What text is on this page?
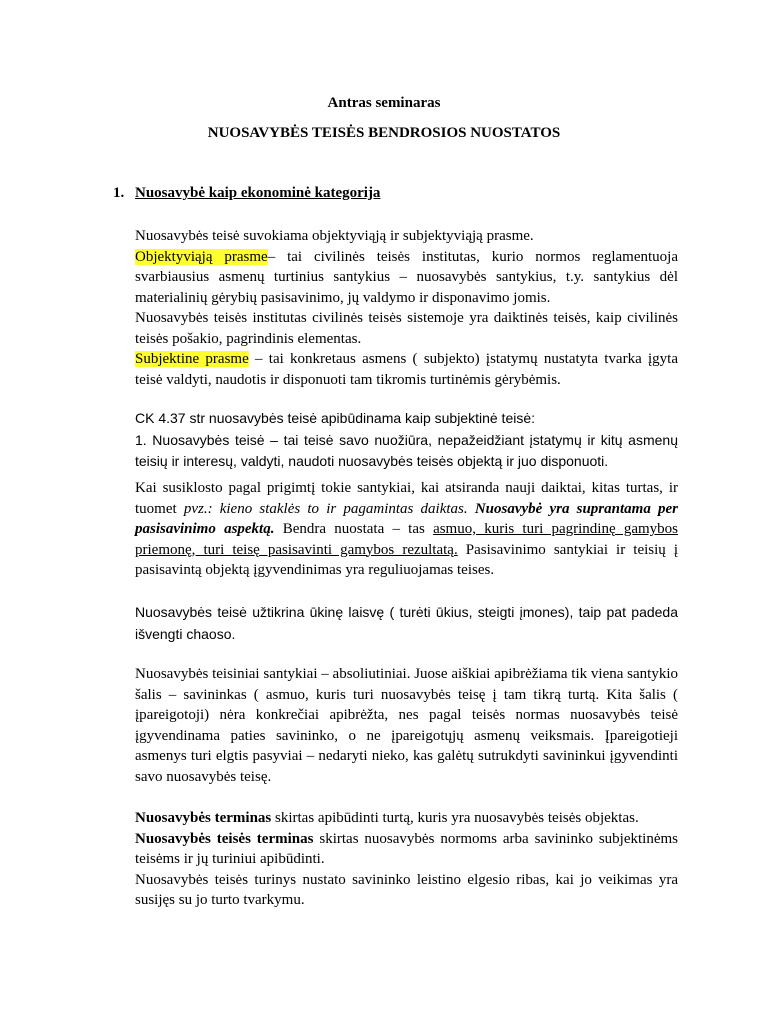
Antras seminaras
NUOSAVYBĖS TEISĖS BENDROSIOS NUOSTATOS
1. Nuosavybė kaip ekonominė kategorija

Nuosavybės teisė suvokiama objektyviąją ir subjektyviąją prasme.

Objektyviąją prasme– tai civilinės teisės institutas, kurio normos reglamentuoja svarbiausius asmenų turtinius santykius – nuosavybės santykius, t.y. santykius dėl materialinių gėrybių pasisavinimo, jų valdymo ir disponavimo jomis.

Nuosavybės teisės institutas civilinės teisės sistemoje yra daiktinės teisės, kaip civilinės teisės pošakio, pagrindinis elementas.

Subjektine prasme – tai konkretaus asmens ( subjekto) įstatymų nustatyta tvarka įgyta teisė valdyti, naudotis ir disponuoti tam tikromis turtinėmis gėrybėmis.

CK 4.37 str nuosavybės teisė apibūdinama kaip subjektinė teisė:

1. Nuosavybės teisė – tai teisė savo nuožiūra, nepažeidžiant įstatymų ir kitų asmenų teisių ir interesų, valdyti, naudoti nuosavybės teisės objektą ir juo disponuoti.

Kai susiklosto pagal prigimtį tokie santykiai, kai atsiranda nauji daiktai, kitas turtas, ir tuomet pvz.: kieno staklės to ir pagamintas daiktas. Nuosavybė yra suprantama per pasisavinimo aspektą. Bendra nuostata – tas asmuo, kuris turi pagrindinę gamybos priemonę, turi teisę pasisavinti gamybos rezultatą. Pasisavinimo santykiai ir teisių į pasisavintą objektą įgyvendinimas yra reguliuojamas teises.

Nuosavybės teisė užtikrina ūkinę laisvę ( turėti ūkius, steigti įmones), taip pat padeda išvengti chaoso.

Nuosavybės teisiniai santykiai – absoliutiniai. Juose aiškiai apibrėžiama tik viena santykio šalis – savininkas ( asmuo, kuris turi nuosavybės teisę į tam tikrą turtą. Kita šalis ( įpareigotoji) nėra konkrečiai apibrėžta, nes pagal teisės normas nuosavybės teisė įgyvendinama paties savininko, o ne įpareigotųjų asmenų veiksmais. Įpareigotieji asmenys turi elgtis pasyviai – nedaryti nieko, kas galėtų sutrukdyti savininkui įgyvendinti savo nuosavybės teisę.

Nuosavybės terminas skirtas apibūdinti turtą, kuris yra nuosavybės teisės objektas.

Nuosavybės teisės terminas skirtas nuosavybės normoms arba savininko subjektinėms teisėms ir jų turiniui apibūdinti.

Nuosavybės teisės turinys nustato savininko leistino elgesio ribas, kai jo veikimas yra susijęs su jo turto tvarkymu.
